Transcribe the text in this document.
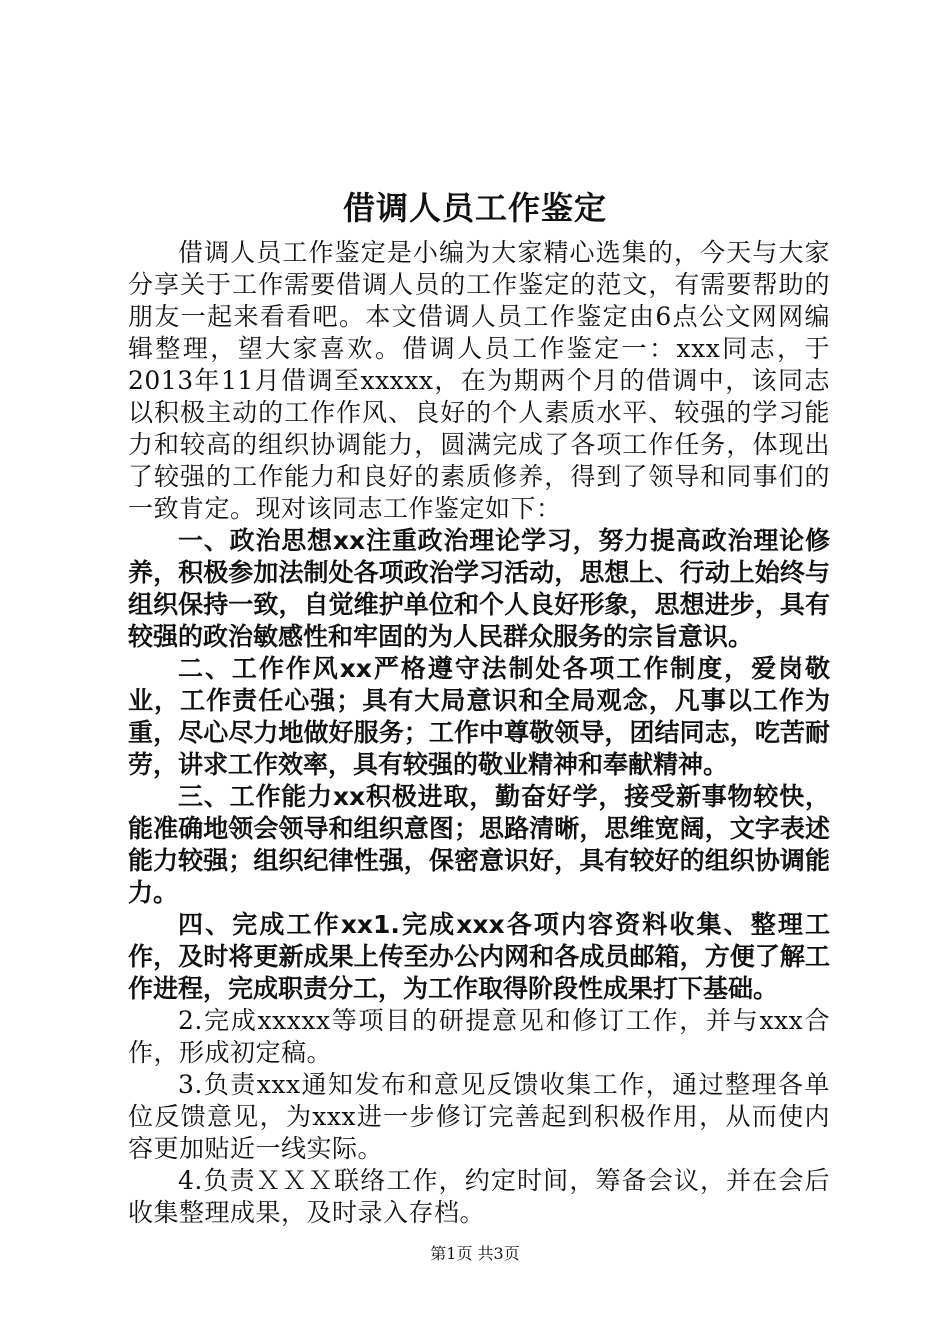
借调人员工作鉴定

借调人员工作鉴定是小编为大家精心选集的，今天与大家分享关于工作需要借调人员的工作鉴定的范文，有需要帮助的朋友一起来看看吧。本文借调人员工作鉴定由6点公文网网编辑整理，望大家喜欢。借调人员工作鉴定一：xxx同志，于2013年11月借调至xxxxx，在为期两个月的借调中，该同志以积极主动的工作作风、良好的个人素质水平、较强的学习能力和较高的组织协调能力，圆满完成了各项工作任务，体现出了较强的工作能力和良好的素质修养，得到了领导和同事们的一致肯定。现对该同志工作鉴定如下：

一、政治思想xx注重政治理论学习，努力提高政治理论修养，积极参加法制处各项政治学习活动，思想上、行动上始终与组织保持一致，自觉维护单位和个人良好形象，思想进步，具有较强的政治敏感性和牢固的为人民群众服务的宗旨意识。

二、工作作风xx严格遵守法制处各项工作制度，爱岗敬业，工作责任心强；具有大局意识和全局观念，凡事以工作为重，尽心尽力地做好服务；工作中尊敬领导，团结同志，吃苦耐劳，讲求工作效率，具有较强的敬业精神和奉献精神。

三、工作能力xx积极进取，勤奋好学，接受新事物较快，能准确地领会领导和组织意图；思路清晰，思维宽阔，文字表述能力较强；组织纪律性强，保密意识好，具有较好的组织协调能力。

四、完成工作xx1.完成xxx各项内容资料收集、整理工作，及时将更新成果上传至办公内网和各成员邮箱，方便了解工作进程，完成职责分工，为工作取得阶段性成果打下基础。

2.完成xxxxx等项目的研提意见和修订工作，并与xxx合作，形成初定稿。

3.负责xxx通知发布和意见反馈收集工作，通过整理各单位反馈意见，为xxx进一步修订完善起到积极作用，从而使内容更加贴近一线实际。

4.负责ＸＸＸ联络工作，约定时间，筹备会议，并在会后收集整理成果，及时录入存档。

第1页 共3页
